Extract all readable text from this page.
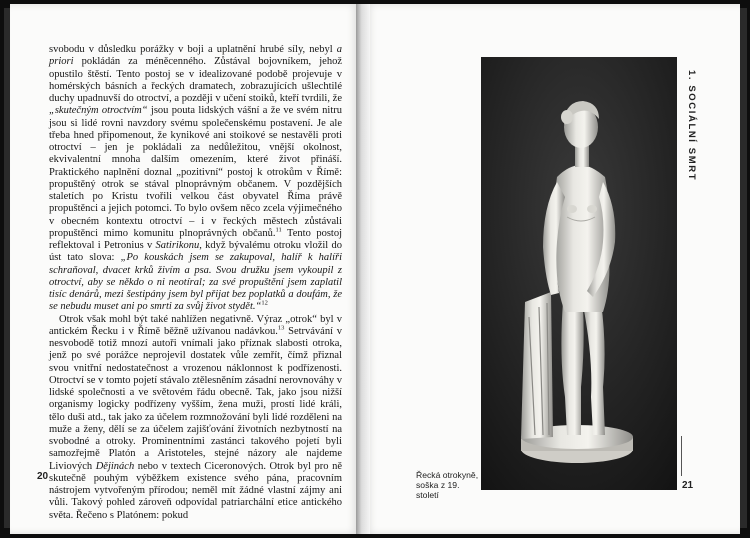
svobodu v důsledku porážky v boji a uplatnění hrubé síly, nebyl a priori pokládán za méněcenného. Zůstával bojovníkem, jehož opustilo štěstí. Tento postoj se v idealizované podobě projevuje v homérských básních a řeckých dramatech, zobrazujících ušlechtilé duchy upadnuvší do otroctví, a později v učení stoiků, kteří tvrdili, že „skutečným otroctvím“ jsou pouta lidských vášní a že ve svém nitru jsou si lidé rovni navzdory svému společenskému postavení. Je ale třeba hned připomenout, že kynikové ani stoikové se nestavěli proti otroctví – jen je pokládali za nedůležitou, vnější okolnost, ekvivalentní mnoha dalším omezením, které život přináší. Praktického naplnění doznal „pozitivní“ postoj k otrokům v Římě: propuštěný otrok se stával plnoprávným občanem. V pozdějších staletích po Kristu tvořili velkou část obyvatel Říma právě propuštěnci a jejich potomci. To bylo ovšem něco zcela výjimečného v obecném kontextu otroctví – i v řeckých městech zůstávali propuštěnci mimo komunitu plnoprávných občanů.$^{11}$ Tento postoj reflektoval i Petronius v Satirikonu, když bývalému otroku vložil do úst tato slova: „Po kouskách jsem se zakupoval, halíř k halíři schraňoval, dvacet krků živím a psa. Svou družku jsem vykoupil z otroctví, aby se někdo o ni neotíral; za své propuštění jsem zaplatil tisíc denárů, mezi šestipány jsem byl přijat bez poplatků a doufám, že se nebudu muset ani po smrti za svůj život stydět.“$^{12}$

Otrok však mohl být také nahlížen negativně. Výraz „otrok“ byl v antickém Řecku i v Římě běžně užívanou nadávkou.$^{13}$ Setrvávání v nesvobodě totiž mnozí autoři vnímali jako příznak slabosti otroka, jenž po své porážce neprojevil dostatek vůle zemřít, čímž přiznal svou vnitřní nedostatečnost a vrozenou náklonnost k podřízenosti. Otroctví se v tomto pojetí stávalo ztělesněním zásadní nerovnováhy v lidské společnosti a ve světovém řádu obecně. Tak, jako jsou nižší organismy logicky podřízeny vyšším, žena muži, prostí lidé králi, tělo duši atd., tak jako za účelem rozmnožování byli lidé rozděleni na muže a ženy, dělí se za účelem zajišťování životních nezbytností na svobodné a otroky. Prominentními zastánci takového pojetí byli samozřejmě Platón a Aristoteles, stejné názory ale najdeme Liviových Dějinách nebo v textech Ciceronových. Otrok byl pro ně skutečně pouhým výběžkem existence svého pána, pracovním nástrojem vytvořeným přírodou; neměl mít žádné vlastní zájmy ani vůli. Takový pohled zároveň odpovídal patriarchální etice antického světa. Řečeno s Platónem: pokud

20
1. SOCIÁLNÍ SMRT
Řecká otrokyně, soška z 19. století
21
